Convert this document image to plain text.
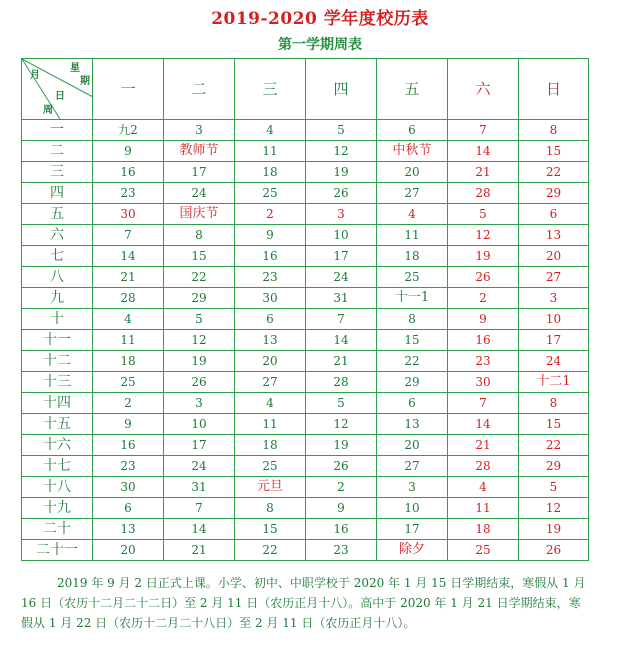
2019-2020 学年度校历表
第一学期周表
月
星
期
日
周	一	二	三	四	五	六	日
一	九2	3	4	5	6	7	8
二	9	教师节	11	12	中秋节	14	15
三	16	17	18	19	20	21	22
四	23	24	25	26	27	28	29
五	30	国庆节	2	3	4	5	6
六	7	8	9	10	11	12	13
七	14	15	16	17	18	19	20
八	21	22	23	24	25	26	27
九	28	29	30	31	十一1	2	3
十	4	5	6	7	8	9	10
十一	11	12	13	14	15	16	17
十二	18	19	20	21	22	23	24
十三	25	26	27	28	29	30	十二1
十四	2	3	4	5	6	7	8
十五	9	10	11	12	13	14	15
十六	16	17	18	19	20	21	22
十七	23	24	25	26	27	28	29
十八	30	31	元旦	2	3	4	5
十九	6	7	8	9	10	11	12
二十	13	14	15	16	17	18	19
二十一	20	21	22	23	除夕	25	26
2019 年 9 月 2 日正式上课。小学、初中、中职学校于 2020 年 1 月 15 日学期结束，寒假从 1 月 16 日（农历十二月二十二日）至 2 月 11 日（农历正月十八）。高中于 2020 年 1 月 21 日学期结束，寒假从 1 月 22 日（农历十二月二十八日）至 2 月 11 日（农历正月十八）。
